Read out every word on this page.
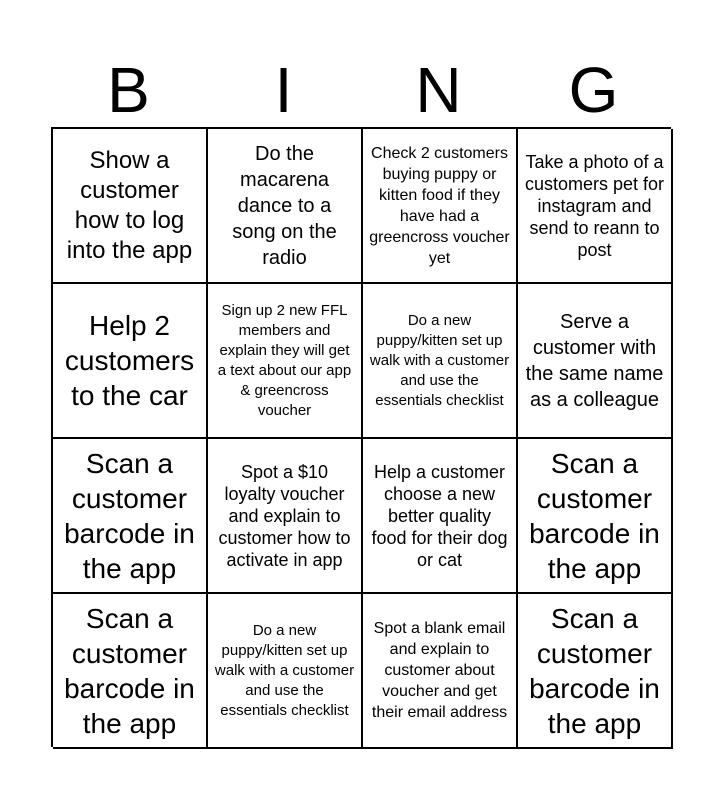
B	I	N	G
Show a customer how to log into the app
Do the macarena dance to a song on the radio
Check 2 customers buying puppy or kitten food if they have had a greencross voucher yet
Take a photo of a customers pet for instagram and send to reann to post
Help 2 customers to the car
Sign up 2 new FFL members and explain they will get a text about our app & greencross voucher
Do a new puppy/kitten set up walk with a customer and use the essentials checklist
Serve a customer with the same name as a colleague
Scan a customer barcode in the app
Spot a $10 loyalty voucher and explain to customer how to activate in app
Help a customer choose a new better quality food for their dog or cat
Scan a customer barcode in the app
Scan a customer barcode in the app
Do a new puppy/kitten set up walk with a customer and use the essentials checklist
Spot a blank email and explain to customer about voucher and get their email address
Scan a customer barcode in the app
